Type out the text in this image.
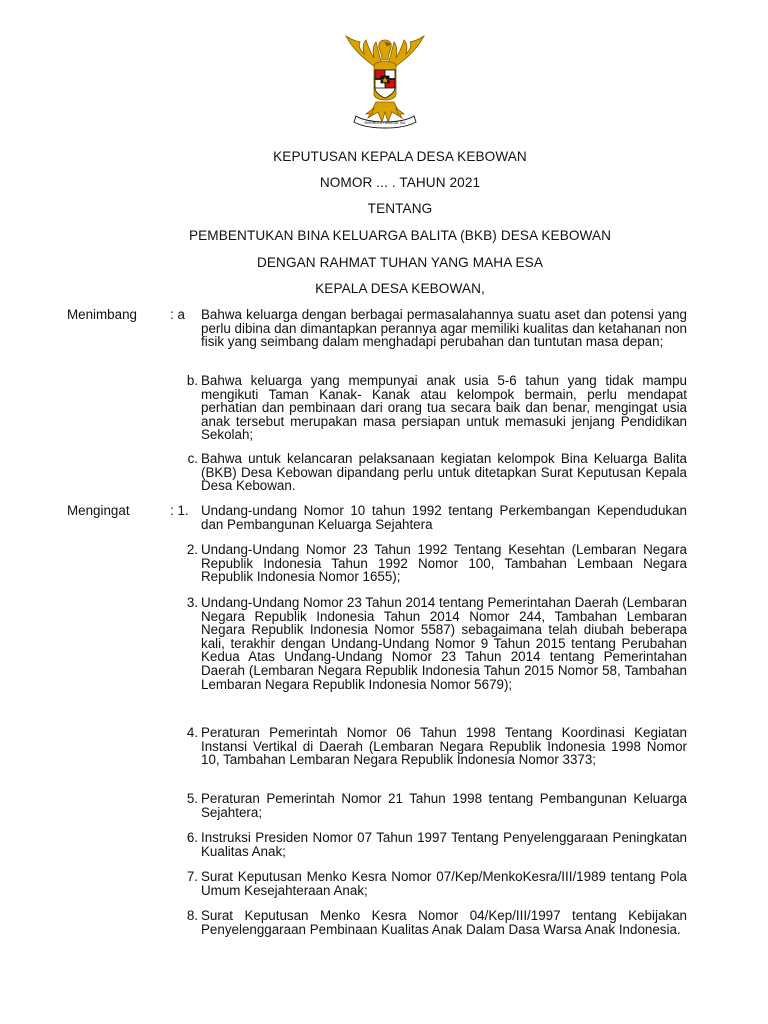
BHINNEKA TUNGGAL IKA
KEPUTUSAN KEPALA DESA KEBOWAN
NOMOR ... . TAHUN 2021
TENTANG
PEMBENTUKAN BINA KELUARGA BALITA (BKB) DESA KEBOWAN
DENGAN RAHMAT TUHAN YANG MAHA ESA
KEPALA DESA KEBOWAN,
Menimbang : a	Bahwa keluarga dengan berbagai permasalahannya suatu aset dan potensi yang perlu dibina dan dimantapkan perannya agar memiliki kualitas dan ketahanan non fisik yang seimbang dalam menghadapi perubahan dan tuntutan masa depan;
b. Bahwa keluarga yang mempunyai anak usia 5-6 tahun yang tidak mampu mengikuti Taman Kanak- Kanak atau kelompok bermain, perlu mendapat perhatian dan pembinaan dari orang tua secara baik dan benar, mengingat usia anak tersebut merupakan masa persiapan untuk memasuki jenjang Pendidikan Sekolah;
c. Bahwa untuk kelancaran pelaksanaan kegiatan kelompok Bina Keluarga Balita (BKB) Desa Kebowan dipandang perlu untuk ditetapkan Surat Keputusan Kepala Desa Kebowan.
Mengingat	: 1. Undang-undang Nomor 10 tahun 1992 tentang Perkembangan Kependudukan dan Pembangunan Keluarga Sejahtera
2. Undang-Undang Nomor 23 Tahun 1992 Tentang Kesehtan (Lembaran Negara Republik Indonesia Tahun 1992 Nomor 100, Tambahan Lembaan Negara Republik Indonesia Nomor 1655);
3. Undang-Undang Nomor 23 Tahun 2014 tentang Pemerintahan Daerah (Lembaran Negara Republik Indonesia Tahun 2014 Nomor 244, Tambahan Lembaran Negara Republik Indonesia Nomor 5587) sebagaimana telah diubah beberapa kali, terakhir dengan Undang-Undang Nomor 9 Tahun 2015 tentang Perubahan Kedua Atas Undang-Undang Nomor 23 Tahun 2014 tentang Pemerintahan Daerah (Lembaran Negara Republik Indonesia Tahun 2015 Nomor 58, Tambahan Lembaran Negara Republik Indonesia Nomor 5679);
4. Peraturan Pemerintah Nomor 06 Tahun 1998 Tentang Koordinasi Kegiatan Instansi Vertikal di Daerah (Lembaran Negara Republik Indonesia 1998 Nomor 10, Tambahan Lembaran Negara Republik Indonesia Nomor 3373;
5. Peraturan Pemerintah Nomor 21 Tahun 1998 tentang Pembangunan Keluarga Sejahtera;
6. Instruksi Presiden Nomor 07 Tahun 1997 Tentang Penyelenggaraan Peningkatan Kualitas Anak;
7. Surat Keputusan Menko Kesra Nomor 07/Kep/MenkoKesra/III/1989 tentang Pola Umum Kesejahteraan Anak;
8. Surat Keputusan Menko Kesra Nomor 04/Kep/III/1997 tentang Kebijakan Penyelenggaraan Pembinaan Kualitas Anak Dalam Dasa Warsa Anak Indonesia.
